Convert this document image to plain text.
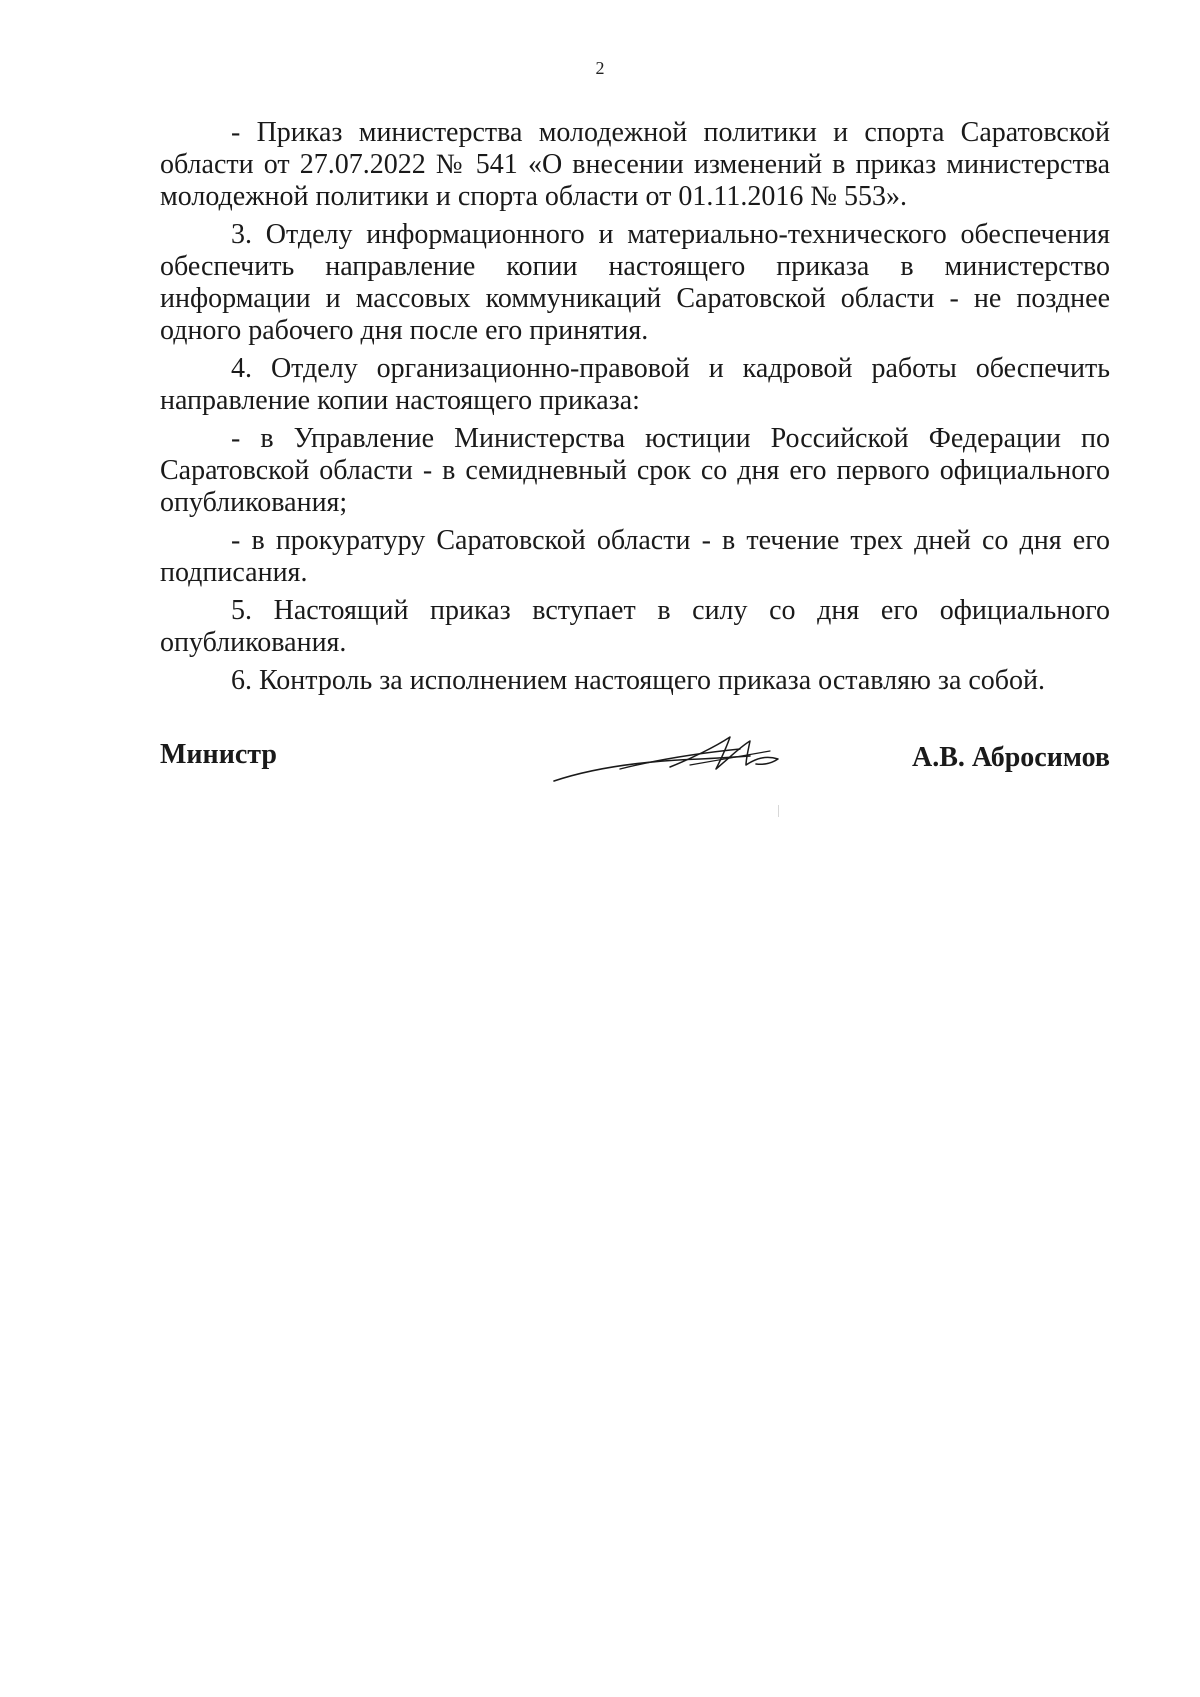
2

- Приказ министерства молодежной политики и спорта Саратовской области от 27.07.2022 № 541 «О внесении изменений в приказ министерства молодежной политики и спорта области от 01.11.2016 № 553».

3. Отделу информационного и материально-технического обеспечения обеспечить направление копии настоящего приказа в министерство информации и массовых коммуникаций Саратовской области - не позднее одного рабочего дня после его принятия.

4. Отделу организационно-правовой и кадровой работы обеспечить направление копии настоящего приказа:

- в Управление Министерства юстиции Российской Федерации по Саратовской области - в семидневный срок со дня его первого официального опубликования;

- в прокуратуру Саратовской области - в течение трех дней со дня его подписания.

5. Настоящий приказ вступает в силу со дня его официального опубликования.

6. Контроль за исполнением настоящего приказа оставляю за собой.

Министр	А.В. Абросимов
